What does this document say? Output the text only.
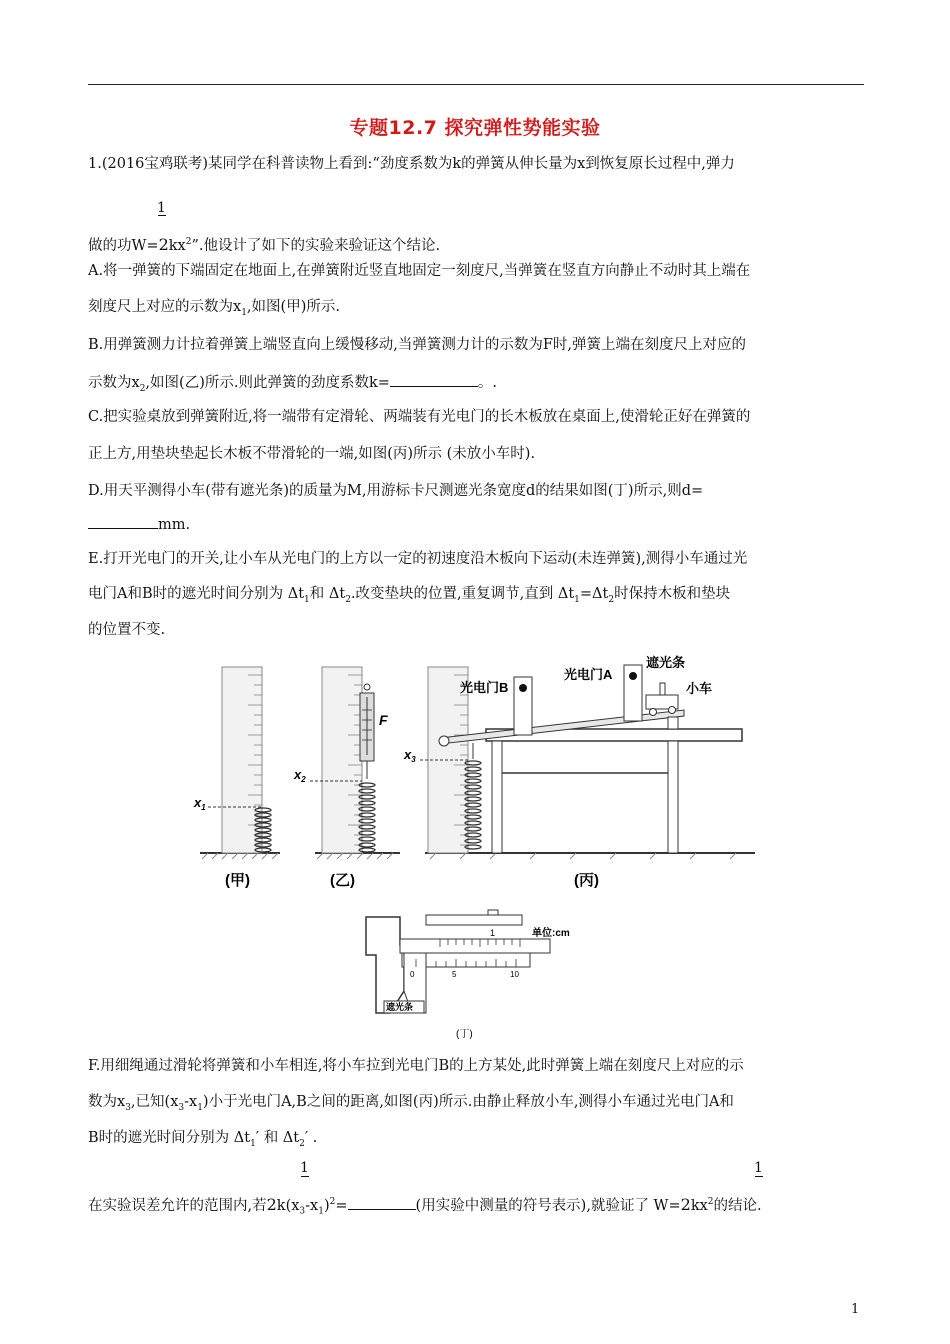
专题12.7 探究弹性势能实验
1.(2016宝鸡联考)某同学在科普读物上看到:“劲度系数为k的弹簧从伸长量为x到恢复原长过程中,弹力
1
做的功$W=2kx^2$”.他设计了如下的实验来验证这个结论.
A.将一弹簧的下端固定在地面上,在弹簧附近竖直地固定一刻度尺,当弹簧在竖直方向静止不动时其上端在
刻度尺上对应的示数为$x_1$,如图(甲)所示.
B.用弹簧测力计拉着弹簧上端竖直向上缓慢移动,当弹簧测力计的示数为F时,弹簧上端在刻度尺上对应的
示数为$x_2$,如图(乙)所示.则此弹簧的劲度系数k=	。.
C.把实验桌放到弹簧附近,将一端带有定滑轮、两端装有光电门的长木板放在桌面上,使滑轮正好在弹簧的
正上方,用垫块垫起长木板不带滑轮的一端,如图(丙)所示 (未放小车时).
D.用天平测得小车(带有遮光条)的质量为M,用游标卡尺测遮光条宽度d的结果如图(丁)所示,则d=
mm.
E.打开光电门的开关,让小车从光电门的上方以一定的初速度沿木板向下运动(未连弹簧),测得小车通过光
电门A和B时的遮光时间分别为 $\Delta t_1$和 $\Delta t_2$.改变垫块的位置,重复调节,直到 $\Delta t_1=\Delta t_2$时保持木板和垫块
的位置不变.
$x_1$
F
$x_2$
$x_3$
光电门B
光电门A
遮光条
小车
(甲)	(乙)	(丙)
1
0	5	10
单位:cm
遮光条
(丁)
F.用细绳通过滑轮将弹簧和小车相连,将小车拉到光电门B的上方某处,此时弹簧上端在刻度尺上对应的示
数为$x_3$,已知$(x_3-x_1)$小于光电门A,B之间的距离,如图(丙)所示.由静止释放小车,测得小车通过光电门A和
B时的遮光时间分别为 $\Delta t_1'$ 和 $\Delta t_2'$ .
1	1
在实验误差允许的范围内,若$2k(x_3-x_1)^2=$	(用实验中测量的符号表示),就验证了 $W=2kx^2$的结论.
1
